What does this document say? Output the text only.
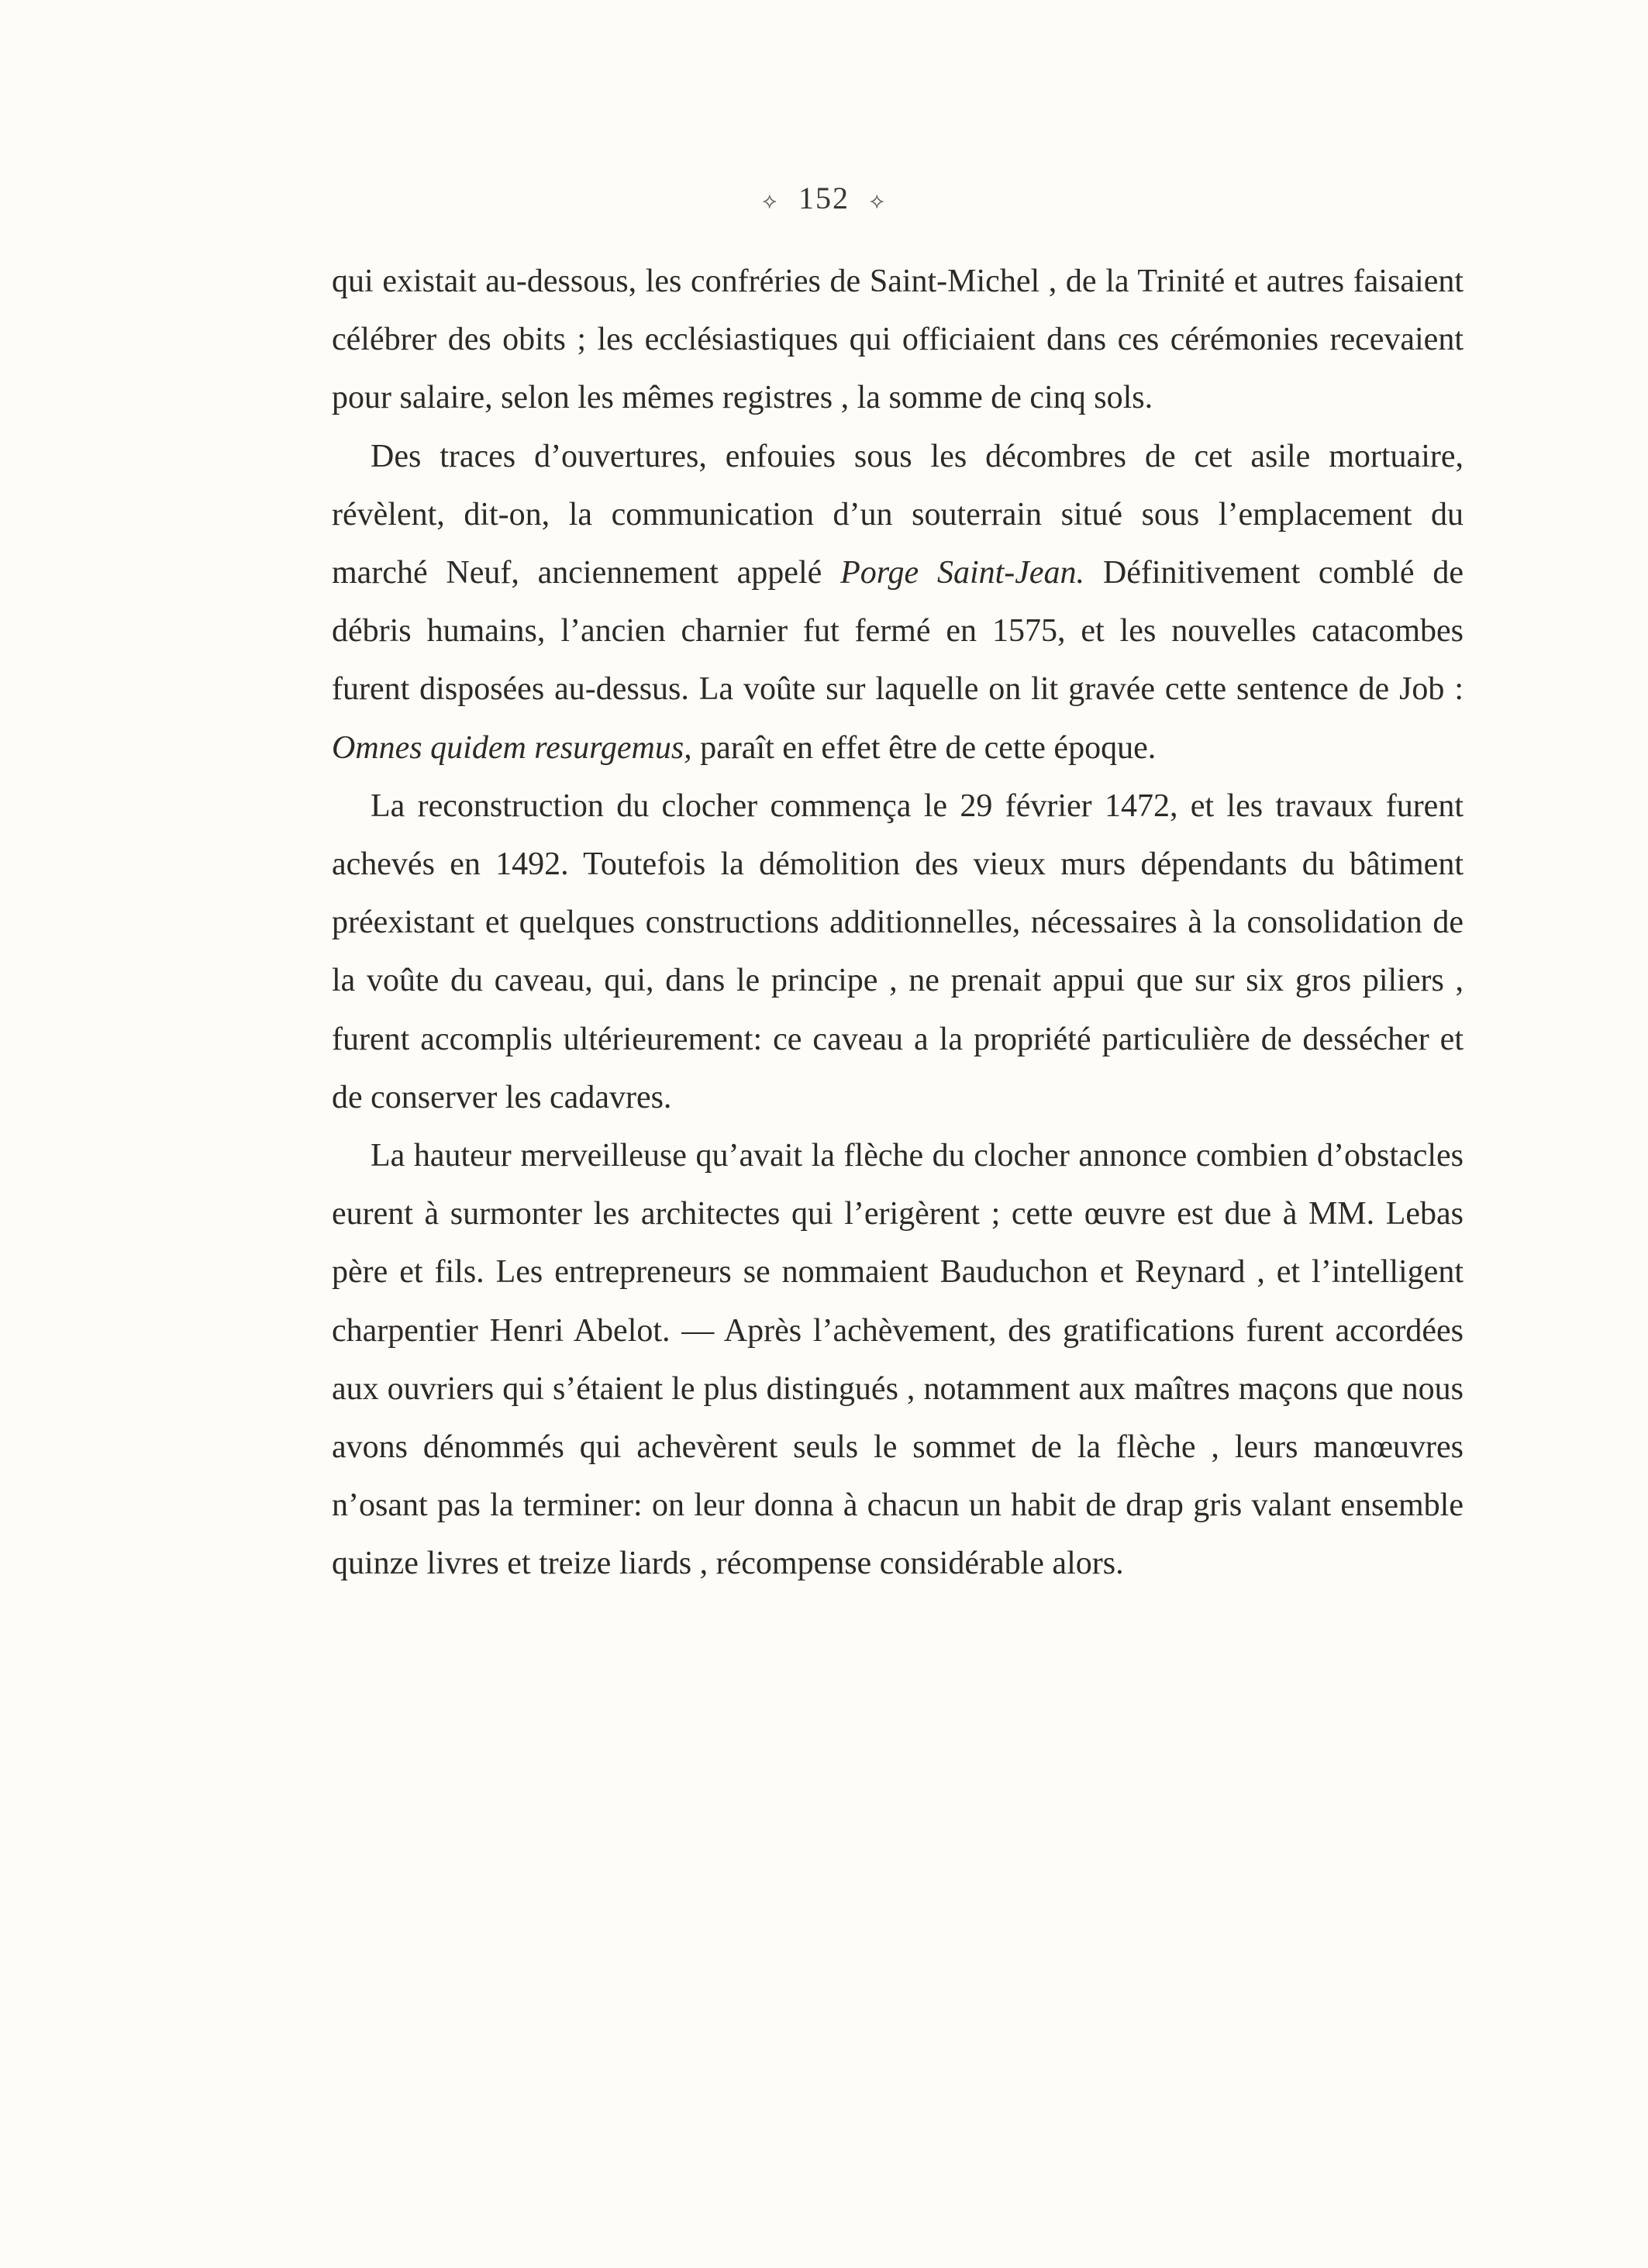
⟡ 152 ⟡

qui existait au-dessous, les confréries de Saint-Michel , de la Trinité et autres faisaient célébrer des obits ; les ecclésiastiques qui officiaient dans ces cérémonies recevaient pour salaire, selon les mêmes registres , la somme de cinq sols.

Des traces d’ouvertures, enfouies sous les décombres de cet asile mortuaire, révèlent, dit-on, la communication d’un souterrain situé sous l’emplacement du marché Neuf, anciennement appelé Porge Saint-Jean. Définitivement comblé de débris humains, l’ancien charnier fut fermé en 1575, et les nouvelles catacombes furent disposées au-dessus. La voûte sur laquelle on lit gravée cette sentence de Job : Omnes quidem resurgemus, paraît en effet être de cette époque.

La reconstruction du clocher commença le 29 février 1472, et les travaux furent achevés en 1492. Toutefois la démolition des vieux murs dépendants du bâtiment préexistant et quelques constructions additionnelles, nécessaires à la consolidation de la voûte du caveau, qui, dans le principe , ne prenait appui que sur six gros piliers , furent accomplis ultérieurement: ce caveau a la propriété particulière de dessécher et de conserver les cadavres.

La hauteur merveilleuse qu’avait la flèche du clocher annonce combien d’obstacles eurent à surmonter les architectes qui l’erigèrent ; cette œuvre est due à MM. Lebas père et fils. Les entrepreneurs se nommaient Bauduchon et Reynard , et l’intelligent charpentier Henri Abelot. — Après l’achèvement, des gratifications furent accordées aux ouvriers qui s’étaient le plus distingués , notamment aux maîtres maçons que nous avons dénommés qui achevèrent seuls le sommet de la flèche , leurs manœuvres n’osant pas la terminer: on leur donna à chacun un habit de drap gris valant ensemble quinze livres et treize liards , récompense considérable alors.
